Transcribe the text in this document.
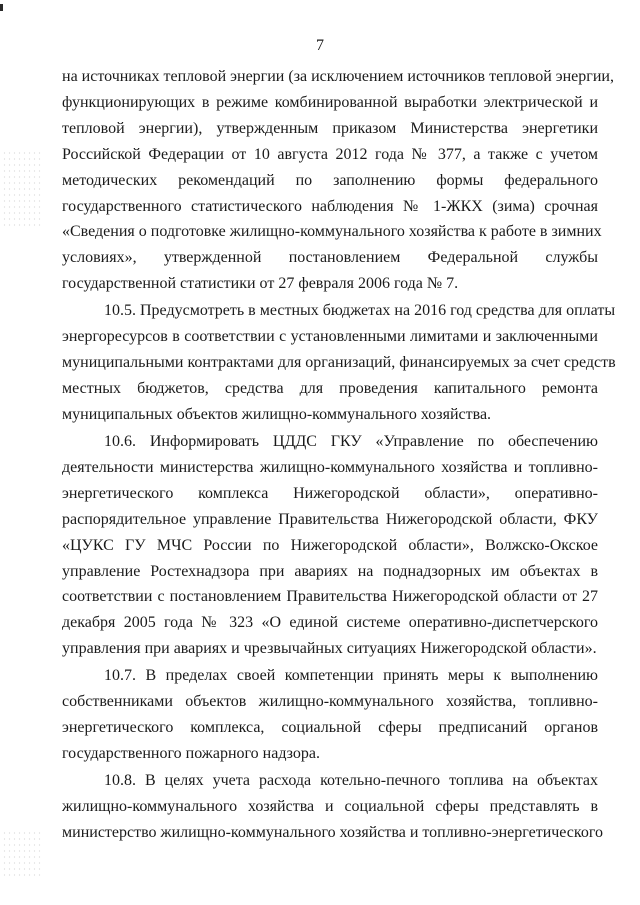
7
на источниках тепловой энергии (за исключением источников тепловой энергии,
функционирующих в режиме комбинированной выработки электрической и
тепловой энергии), утвержденным приказом Министерства энергетики
Российской Федерации от 10 августа 2012 года № 377, а также с учетом
методических рекомендаций по заполнению формы федерального
государственного статистического наблюдения № 1-ЖКХ (зима) срочная
«Сведения о подготовке жилищно-коммунального хозяйства к работе в зимних
условиях», утвержденной постановлением Федеральной службы
государственной статистики от 27 февраля 2006 года № 7.
10.5. Предусмотреть в местных бюджетах на 2016 год средства для оплаты
энергоресурсов в соответствии с установленными лимитами и заключенными
муниципальными контрактами для организаций, финансируемых за счет средств
местных бюджетов, средства для проведения капитального ремонта
муниципальных объектов жилищно-коммунального хозяйства.
10.6. Информировать ЦДДС ГКУ «Управление по обеспечению
деятельности министерства жилищно-коммунального хозяйства и топливно-
энергетического комплекса Нижегородской области», оперативно-
распорядительное управление Правительства Нижегородской области, ФКУ
«ЦУКС ГУ МЧС России по Нижегородской области», Волжско-Окское
управление Ростехнадзора при авариях на поднадзорных им объектах в
соответствии с постановлением Правительства Нижегородской области от 27
декабря 2005 года № 323 «О единой системе оперативно-диспетчерского
управления при авариях и чрезвычайных ситуациях Нижегородской области».
10.7. В пределах своей компетенции принять меры к выполнению
собственниками объектов жилищно-коммунального хозяйства, топливно-
энергетического комплекса, социальной сферы предписаний органов
государственного пожарного надзора.
10.8. В целях учета расхода котельно-печного топлива на объектах
жилищно-коммунального хозяйства и социальной сферы представлять в
министерство жилищно-коммунального хозяйства и топливно-энергетического
